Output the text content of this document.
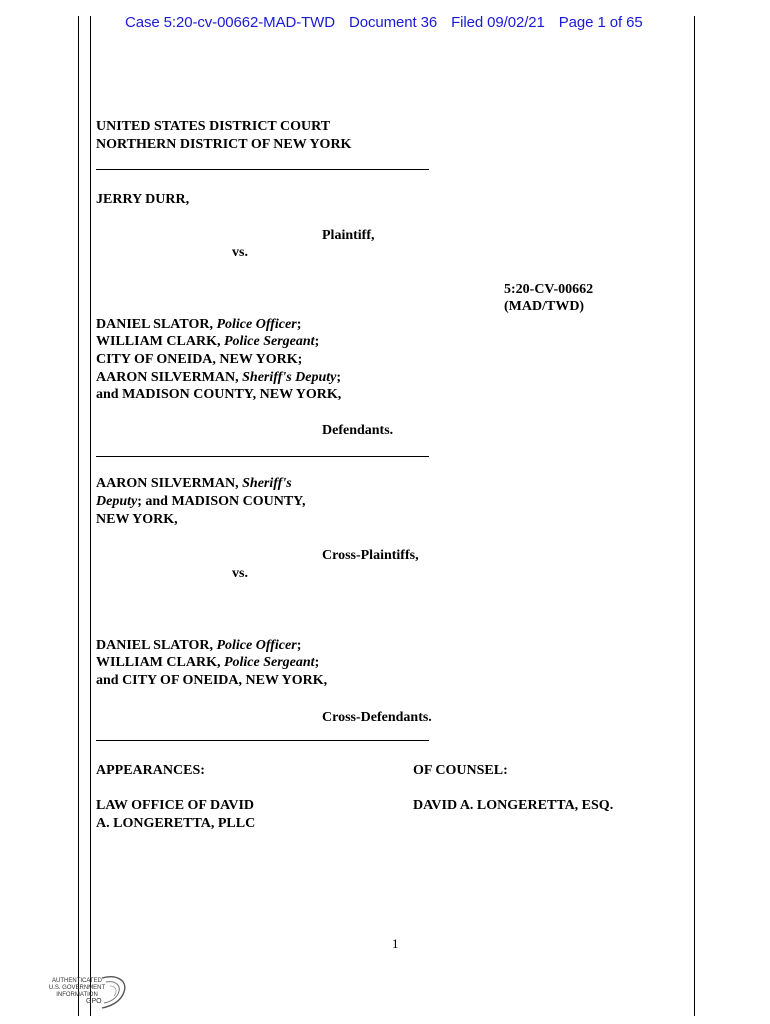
Case 5:20-cv-00662-MAD-TWD Document 36 Filed 09/02/21 Page 1 of 65
UNITED STATES DISTRICT COURT
NORTHERN DISTRICT OF NEW YORK
JERRY DURR,
Plaintiff,
vs.
5:20-CV-00662
(MAD/TWD)
DANIEL SLATOR, Police Officer;
WILLIAM CLARK, Police Sergeant;
CITY OF ONEIDA, NEW YORK;
AARON SILVERMAN, Sheriff's Deputy;
and MADISON COUNTY, NEW YORK,
Defendants.
AARON SILVERMAN, Sheriff's
Deputy; and MADISON COUNTY,
NEW YORK,
Cross-Plaintiffs,
vs.
DANIEL SLATOR, Police Officer;
WILLIAM CLARK, Police Sergeant;
and CITY OF ONEIDA, NEW YORK,
Cross-Defendants.
APPEARANCES:	OF COUNSEL:
LAW OFFICE OF DAVID
A. LONGERETTA, PLLC
DAVID A. LONGERETTA, ESQ.
1
AUTHENTICATED
U.S. GOVERNMENT
INFORMATION
GPO
